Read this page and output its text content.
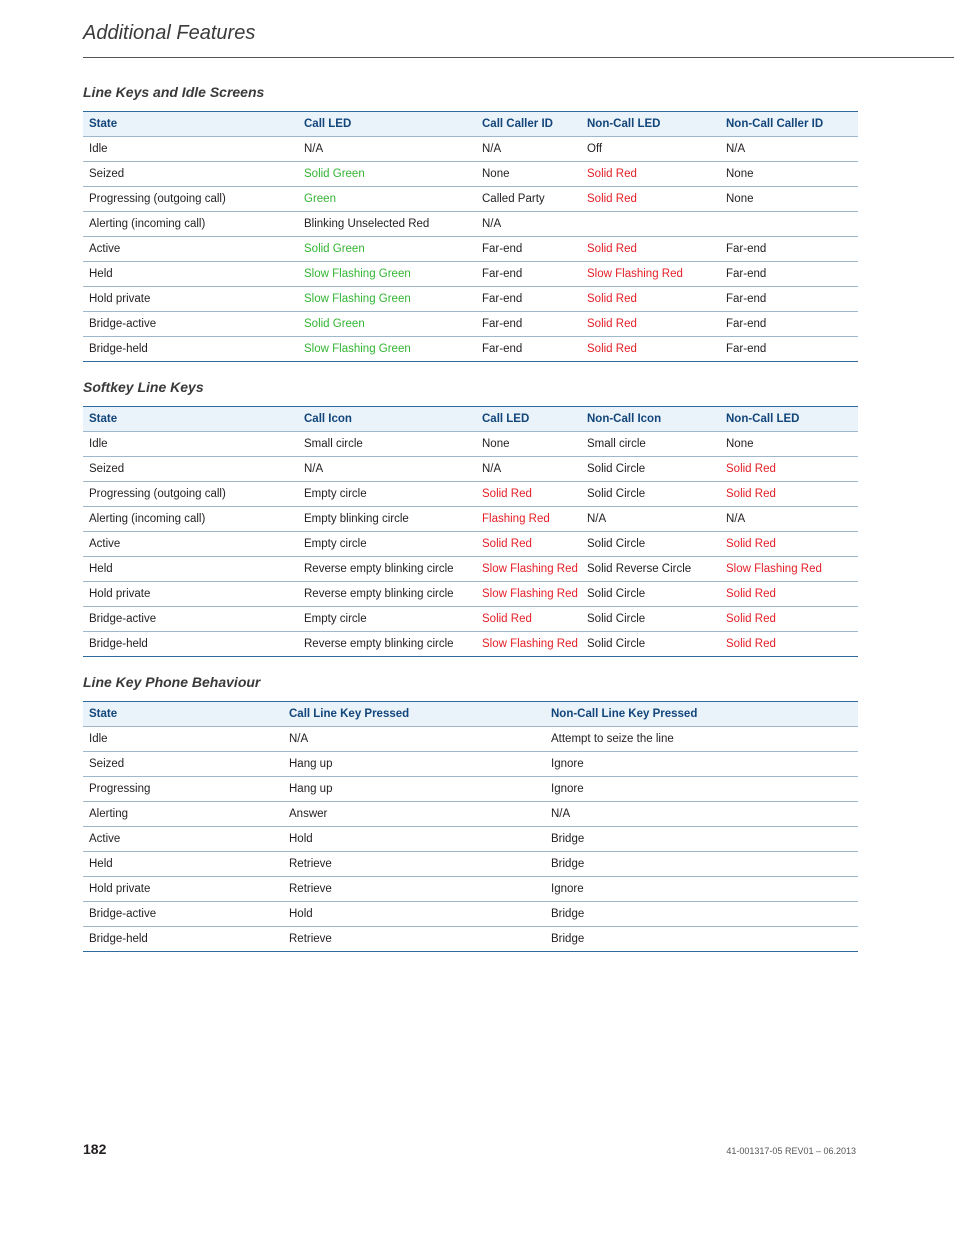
Additional Features
Line Keys and Idle Screens
State	Call LED	Call Caller ID	Non-Call LED	Non-Call Caller ID
Idle	N/A	N/A	Off	N/A
Seized	Solid Green	None	Solid Red	None
Progressing (outgoing call)	Green	Called Party	Solid Red	None
Alerting (incoming call)	Blinking Unselected Red	N/A		
Active	Solid Green	Far-end	Solid Red	Far-end
Held	Slow Flashing Green	Far-end	Slow Flashing Red	Far-end
Hold private	Slow Flashing Green	Far-end	Solid Red	Far-end
Bridge-active	Solid Green	Far-end	Solid Red	Far-end
Bridge-held	Slow Flashing Green	Far-end	Solid Red	Far-end
Softkey Line Keys
State	Call Icon	Call LED	Non-Call Icon	Non-Call LED
Idle	Small circle	None	Small circle	None
Seized	N/A	N/A	Solid Circle	Solid Red
Progressing (outgoing call)	Empty circle	Solid Red	Solid Circle	Solid Red
Alerting (incoming call)	Empty blinking circle	Flashing Red	N/A	N/A
Active	Empty circle	Solid Red	Solid Circle	Solid Red
Held	Reverse empty blinking circle	Slow Flashing Red	Solid Reverse Circle	Slow Flashing Red
Hold private	Reverse empty blinking circle	Slow Flashing Red	Solid Circle	Solid Red
Bridge-active	Empty circle	Solid Red	Solid Circle	Solid Red
Bridge-held	Reverse empty blinking circle	Slow Flashing Red	Solid Circle	Solid Red
Line Key Phone Behaviour
State	Call Line Key Pressed	Non-Call Line Key Pressed
Idle	N/A	Attempt to seize the line
Seized	Hang up	Ignore
Progressing	Hang up	Ignore
Alerting	Answer	N/A
Active	Hold	Bridge
Held	Retrieve	Bridge
Hold private	Retrieve	Ignore
Bridge-active	Hold	Bridge
Bridge-held	Retrieve	Bridge
182	41-001317-05 REV01 – 06.2013
